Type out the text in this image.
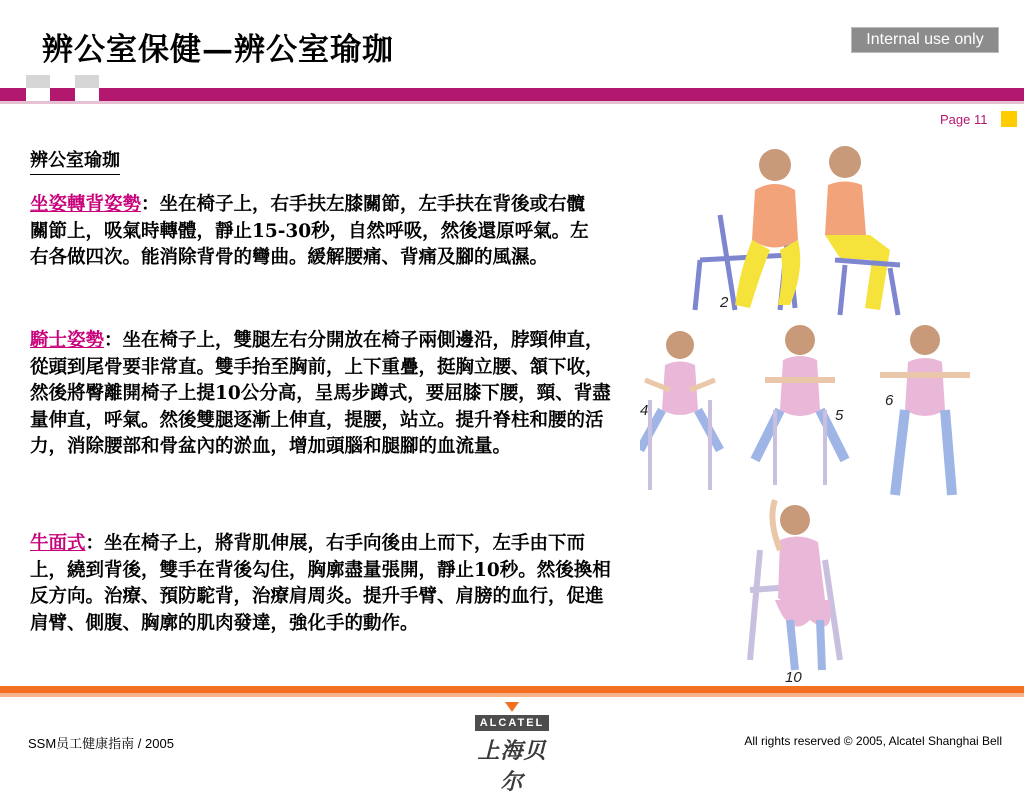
辨公室保健—辨公室瑜珈	Internal use only
Page 11
辨公室瑜珈
坐姿轉背姿勢：坐在椅子上，右手扶左膝關節，左手扶在背後或右髖關節上，吸氣時轉體，靜止15-30秒，自然呼吸，然後還原呼氣。左右各做四次。能消除背骨的彎曲。緩解腰痛、背痛及腳的風濕。
騎士姿勢：坐在椅子上，雙腿左右分開放在椅子兩側邊沿，脖頸伸直，從頭到尾骨要非常直。雙手抬至胸前，上下重疊，挺胸立腰、頷下收，然後將臀離開椅子上提10公分高，呈馬步蹲式，要屈膝下腰，頸、背盡量伸直，呼氣。然後雙腿逐漸上伸直，提腰，站立。提升脊柱和腰的活力，消除腰部和骨盆內的淤血，增加頭腦和腿腳的血流量。
牛面式：坐在椅子上，將背肌伸展，右手向後由上而下，左手由下而上，繞到背後，雙手在背後勾住，胸廓盡量張開，靜止10秒。然後換相反方向。治療、預防駝背，治療肩周炎。提升手臂、肩膀的血行，促進肩臂、側腹、胸廓的肌肉發達，強化手的動作。
2
4	5
6
10
SSM员工健康指南 / 2005	All rights reserved © 2005, Alcatel Shanghai Bell
ALCATEL
上海贝尔
